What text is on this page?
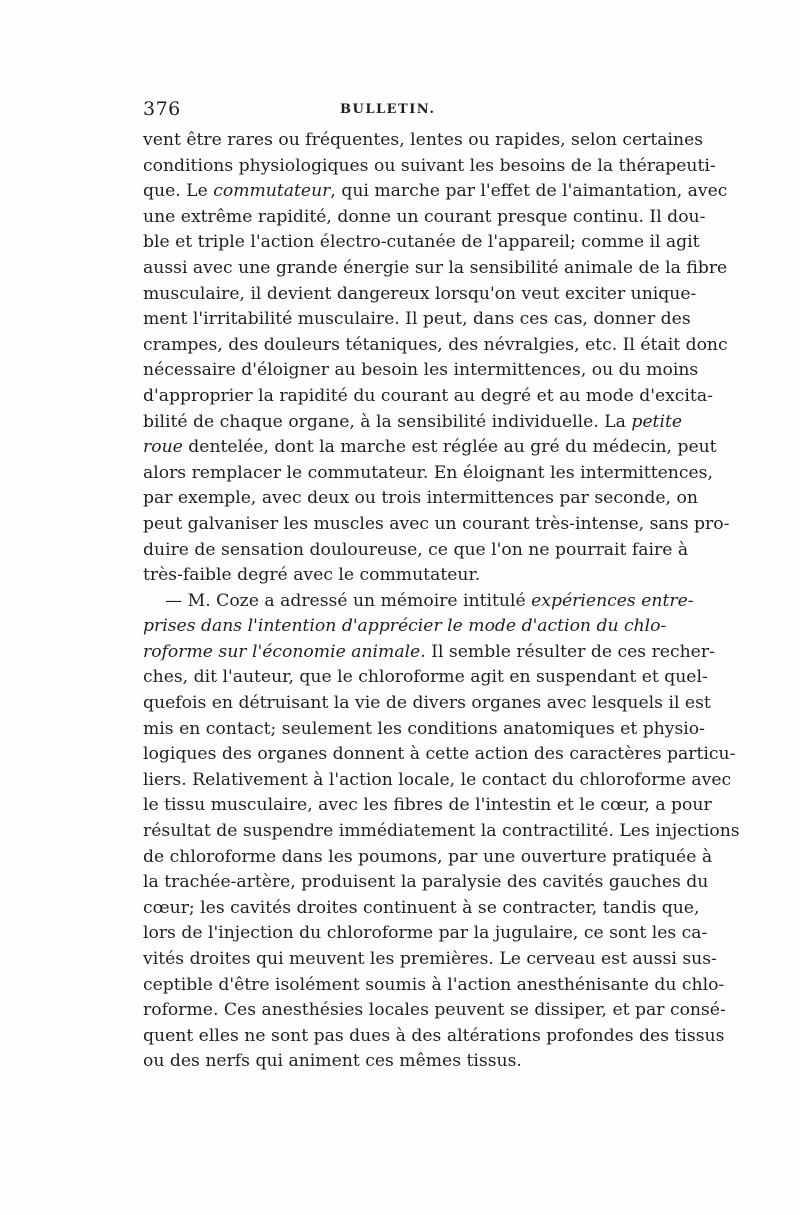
376	BULLETIN.
vent être rares ou fréquentes, lentes ou rapides, selon certaines
conditions physiologiques ou suivant les besoins de la thérapeuti-
que. Le commutateur, qui marche par l'effet de l'aimantation, avec
une extrême rapidité, donne un courant presque continu. Il dou-
ble et triple l'action électro-cutanée de l'appareil; comme il agit
aussi avec une grande énergie sur la sensibilité animale de la fibre
musculaire, il devient dangereux lorsqu'on veut exciter unique-
ment l'irritabilité musculaire. Il peut, dans ces cas, donner des
crampes, des douleurs tétaniques, des névralgies, etc. Il était donc
nécessaire d'éloigner au besoin les intermittences, ou du moins
d'approprier la rapidité du courant au degré et au mode d'excita-
bilité de chaque organe, à la sensibilité individuelle. La petite
roue dentelée, dont la marche est réglée au gré du médecin, peut
alors remplacer le commutateur. En éloignant les intermittences,
par exemple, avec deux ou trois intermittences par seconde, on
peut galvaniser les muscles avec un courant très-intense, sans pro-
duire de sensation douloureuse, ce que l'on ne pourrait faire à
très-faible degré avec le commutateur.
— M. Coze a adressé un mémoire intitulé expériences entre-
prises dans l'intention d'apprécier le mode d'action du chlo-
roforme sur l'économie animale. Il semble résulter de ces recher-
ches, dit l'auteur, que le chloroforme agit en suspendant et quel-
quefois en détruisant la vie de divers organes avec lesquels il est
mis en contact; seulement les conditions anatomiques et physio-
logiques des organes donnent à cette action des caractères particu-
liers. Relativement à l'action locale, le contact du chloroforme avec
le tissu musculaire, avec les fibres de l'intestin et le cœur, a pour
résultat de suspendre immédiatement la contractilité. Les injections
de chloroforme dans les poumons, par une ouverture pratiquée à
la trachée-artère, produisent la paralysie des cavités gauches du
cœur; les cavités droites continuent à se contracter, tandis que,
lors de l'injection du chloroforme par la jugulaire, ce sont les ca-
vités droites qui meuvent les premières. Le cerveau est aussi sus-
ceptible d'être isolément soumis à l'action anesthénisante du chlo-
roforme. Ces anesthésies locales peuvent se dissiper, et par consé-
quent elles ne sont pas dues à des altérations profondes des tissus
ou des nerfs qui animent ces mêmes tissus.
